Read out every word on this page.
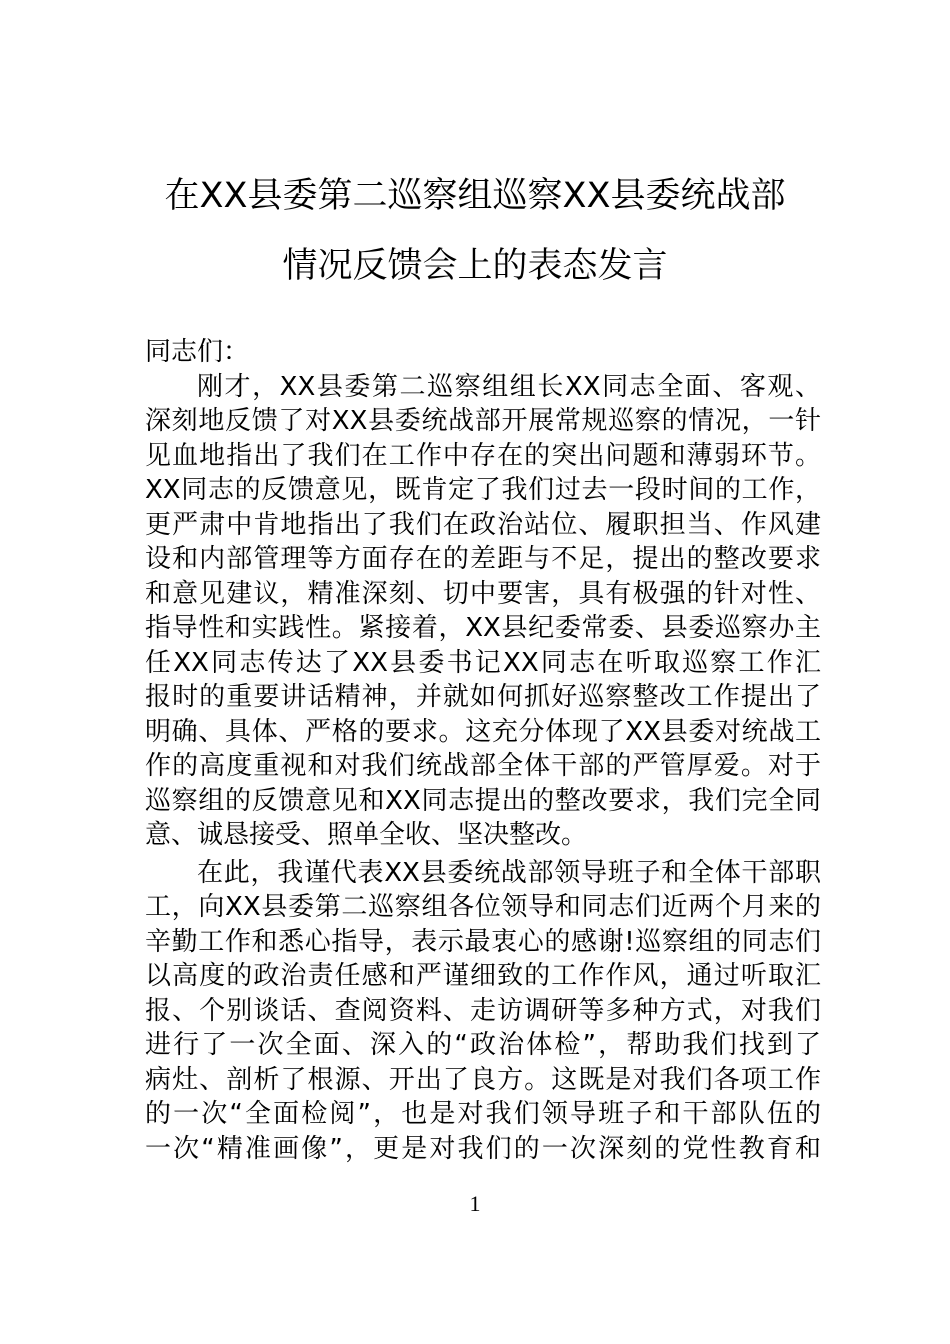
在XX县委第二巡察组巡察XX县委统战部
情况反馈会上的表态发言
同志们：
刚才，XX县委第二巡察组组长XX同志全面、客观、
深刻地反馈了对XX县委统战部开展常规巡察的情况，一针
见血地指出了我们在工作中存在的突出问题和薄弱环节。
XX同志的反馈意见，既肯定了我们过去一段时间的工作，
更严肃中肯地指出了我们在政治站位、履职担当、作风建
设和内部管理等方面存在的差距与不足，提出的整改要求
和意见建议，精准深刻、切中要害，具有极强的针对性、
指导性和实践性。紧接着，XX县纪委常委、县委巡察办主
任XX同志传达了XX县委书记XX同志在听取巡察工作汇
报时的重要讲话精神，并就如何抓好巡察整改工作提出了
明确、具体、严格的要求。这充分体现了XX县委对统战工
作的高度重视和对我们统战部全体干部的严管厚爱。对于
巡察组的反馈意见和XX同志提出的整改要求，我们完全同
意、诚恳接受、照单全收、坚决整改。
在此，我谨代表XX县委统战部领导班子和全体干部职
工，向XX县委第二巡察组各位领导和同志们近两个月来的
辛勤工作和悉心指导，表示最衷心的感谢!巡察组的同志们
以高度的政治责任感和严谨细致的工作作风，通过听取汇
报、个别谈话、查阅资料、走访调研等多种方式，对我们
进行了一次全面、深入的“政治体检”，帮助我们找到了
病灶、剖析了根源、开出了良方。这既是对我们各项工作
的一次“全面检阅”，也是对我们领导班子和干部队伍的
一次“精准画像”，更是对我们的一次深刻的党性教育和
1
